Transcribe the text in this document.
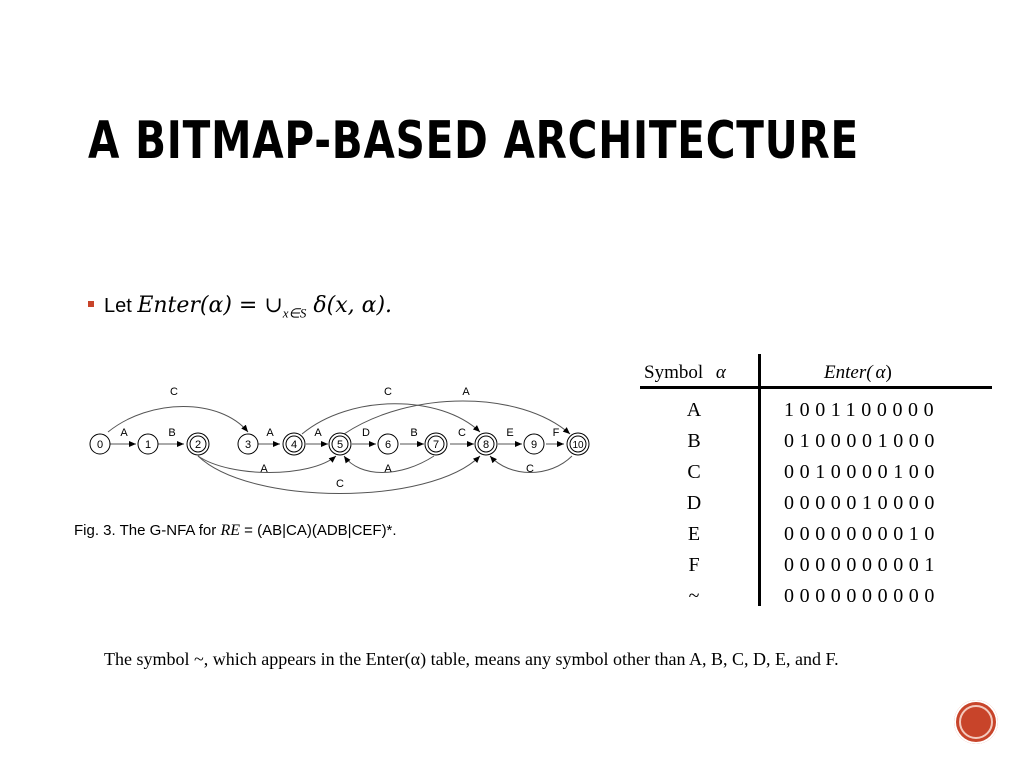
A BITMAP-BASED ARCHITECTURE
Let Enter(α) = $\cup_{x\in S}$ δ(x, α).
0	1	2	3	4	5	6	7	8	9	10
A	B	A	A	D	B	C	E	F
C	C	A
A
C
A	C
Fig. 3. The G-NFA for RE = (AB|CA)(ADB|CEF)*.
Symbol α	Enter( α)
A	1001100000
B	0100001000
C	0010000100
D	0000010000
E	0000000010
F	0000000001
~	0000000000
The symbol ~, which appears in the Enter(α) table, means any symbol other than A, B, C, D, E, and F.
